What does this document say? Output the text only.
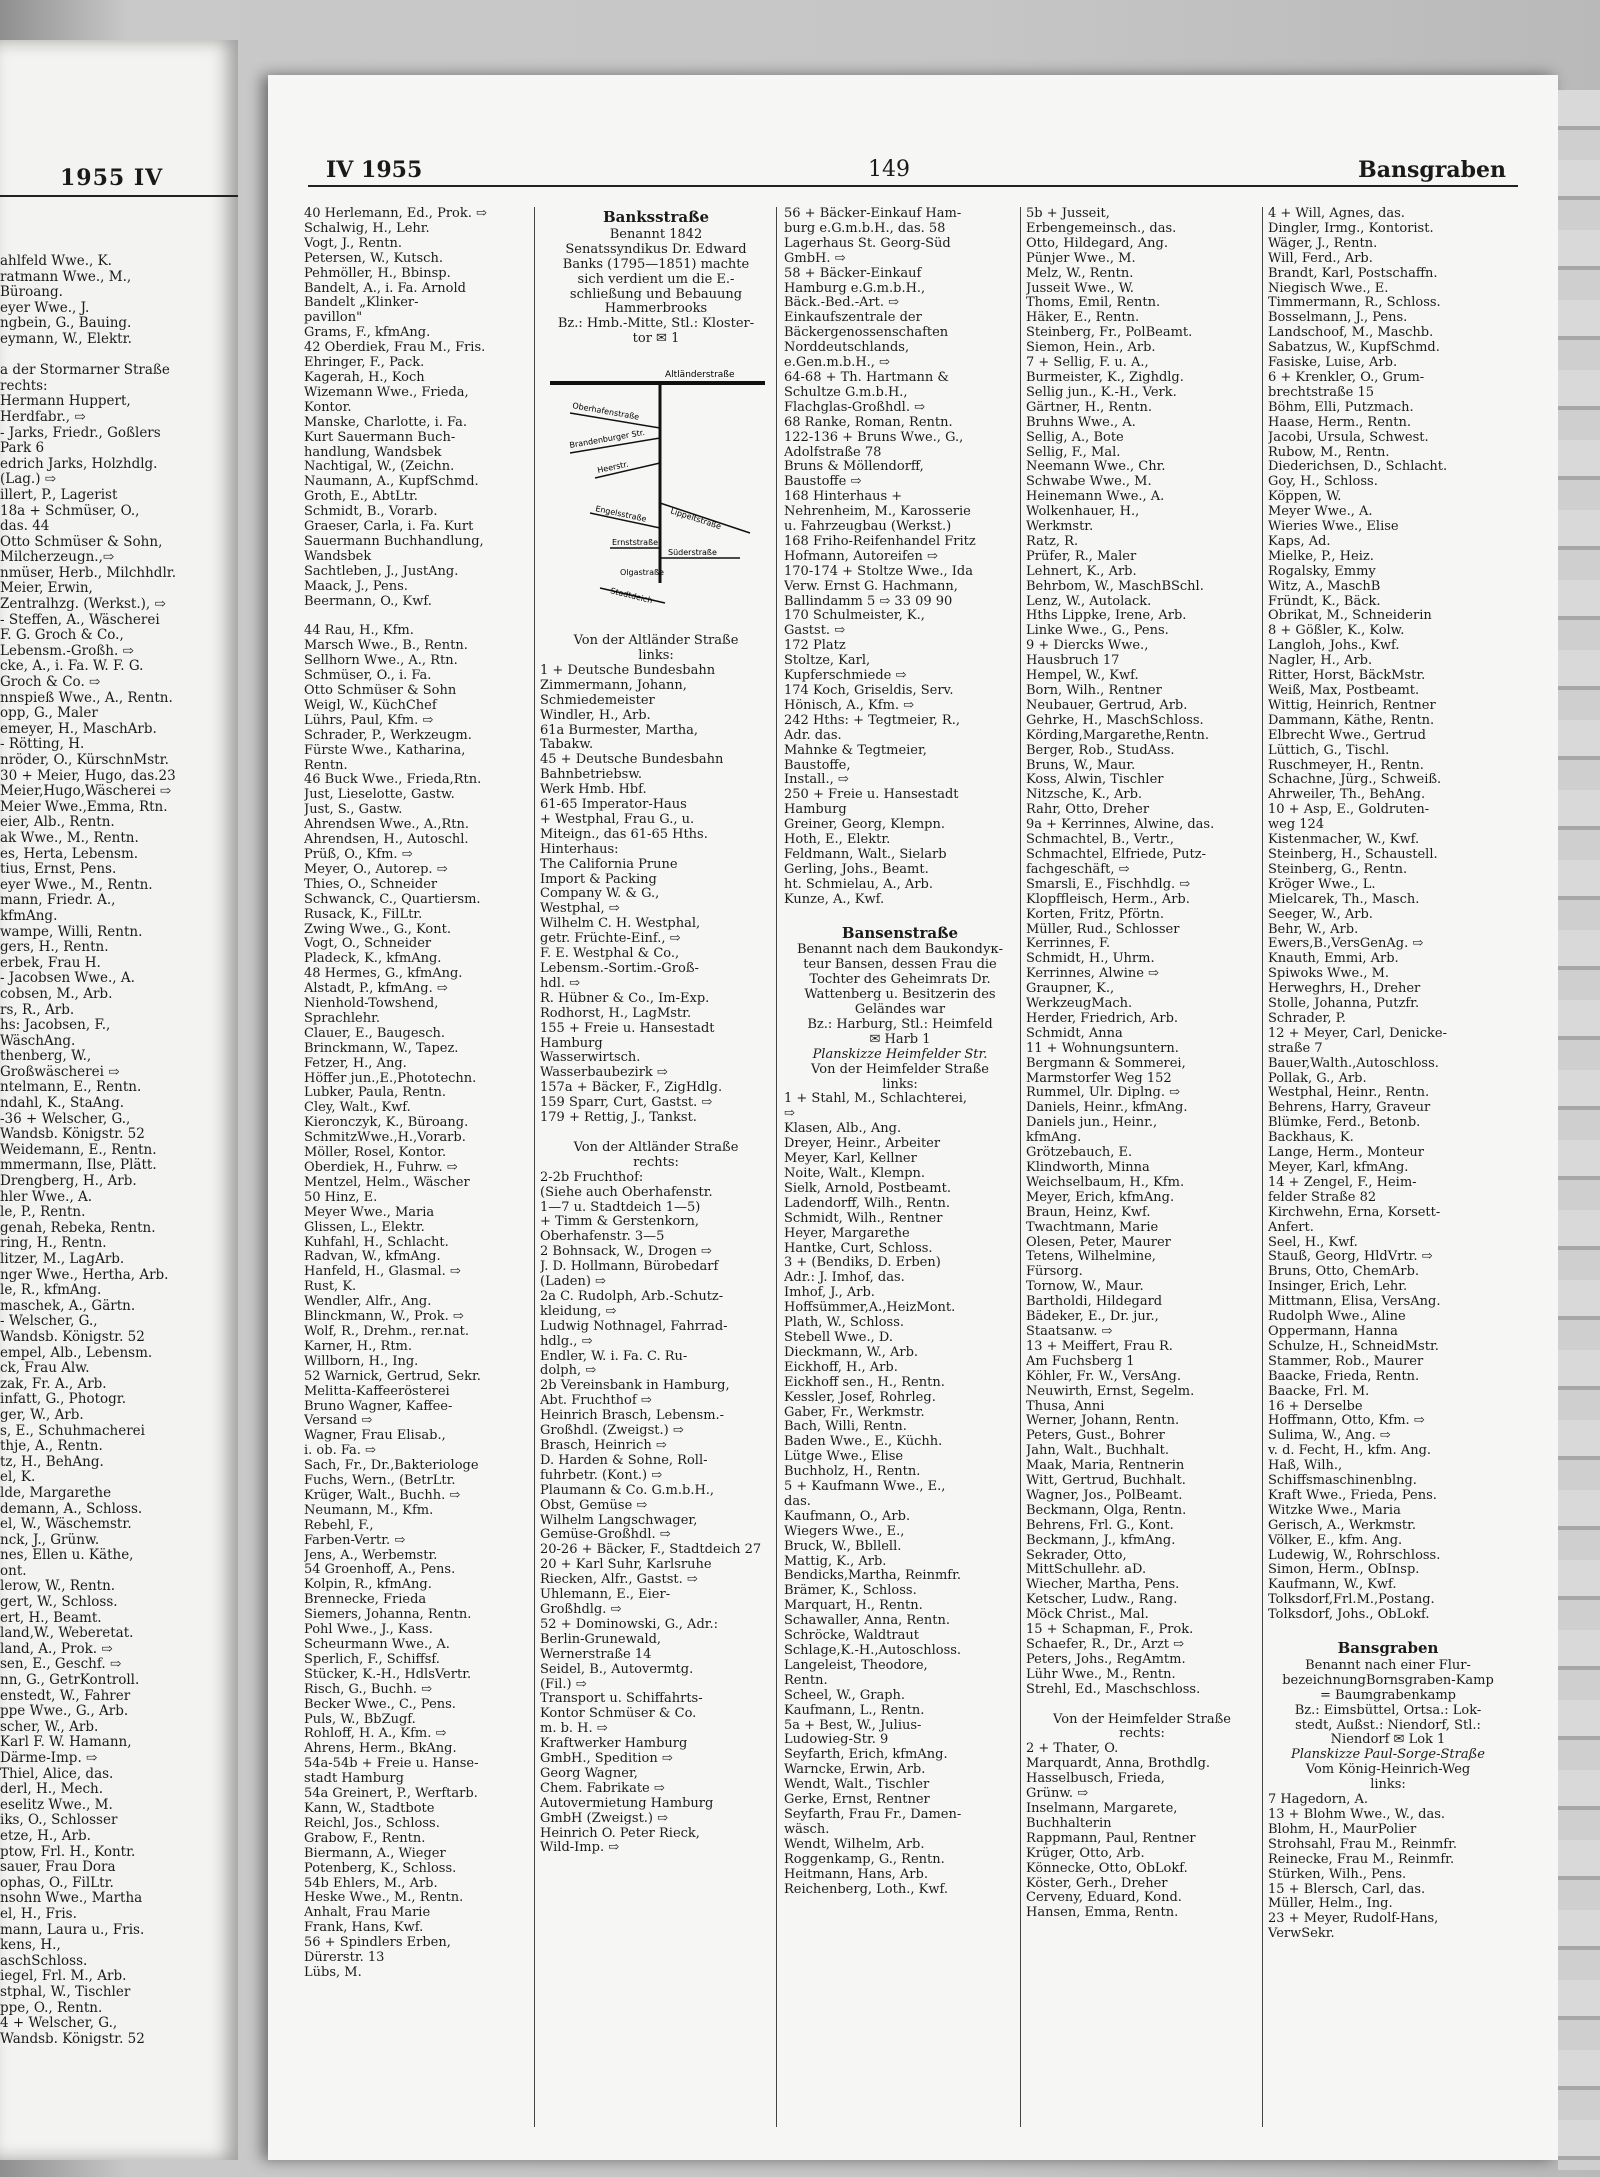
1955 IV
ahlfeld Wwe., K.
ratmann Wwe., M.,
Büroang.
eyer Wwe., J.
ngbein, G., Bauing.
eymann, W., Elektr.

a der Stormarner Straße
rechts:
Hermann Huppert,
Herdfabr., ⇨
- Jarks, Friedr., Goßlers
Park 6
edrich Jarks, Holzhdlg.
(Lag.) ⇨
illert, P., Lagerist
18a + Schmüser, O.,
das. 44
Otto Schmüser & Sohn,
Milcherzeugn.,⇨
nmüser, Herb., Milchhdlr.
Meier, Erwin,
Zentralhzg. (Werkst.), ⇨
- Steffen, A., Wäscherei
F. G. Groch & Co.,
Lebensm.-Großh. ⇨
cke, A., i. Fa. W. F. G.
Groch & Co. ⇨
nnspieß Wwe., A., Rentn.
opp, G., Maler
emeyer, H., MaschArb.
- Rötting, H.
nröder, O., KürschnMstr.
30 + Meier, Hugo, das.23
Meier,Hugo,Wäscherei ⇨
Meier Wwe.,Emma, Rtn.
eier, Alb., Rentn.
ak Wwe., M., Rentn.
es, Herta, Lebensm.
tius, Ernst, Pens.
eyer Wwe., M., Rentn.
mann, Friedr. A.,
kfmAng.
wampe, Willi, Rentn.
gers, H., Rentn.
erbek, Frau H.
- Jacobsen Wwe., A.
cobsen, M., Arb.
rs, R., Arb.
hs: Jacobsen, F.,
WäschAng.
thenberg, W.,
Großwäscherei ⇨
ntelmann, E., Rentn.
ndahl, K., StaAng.
-36 + Welscher, G.,
Wandsb. Königstr. 52
Weidemann, E., Rentn.
mmermann, Ilse, Plätt.
Drengberg, H., Arb.
hler Wwe., A.
le, P., Rentn.
genah, Rebeka, Rentn.
ring, H., Rentn.
litzer, M., LagArb.
nger Wwe., Hertha, Arb.
le, R., kfmAng.
maschek, A., Gärtn.
- Welscher, G.,
Wandsb. Königstr. 52
empel, Alb., Lebensm.
ck, Frau Alw.
zak, Fr. A., Arb.
infatt, G., Photogr.
ger, W., Arb.
s, E., Schuhmacherei
thje, A., Rentn.
tz, H., BehAng.
el, K.
lde, Margarethe
demann, A., Schloss.
el, W., Wäschemstr.
nck, J., Grünw.
nes, Ellen u. Käthe,
ont.
lerow, W., Rentn.
gert, W., Schloss.
ert, H., Beamt.
land,W., Weberetat.
land, A., Prok. ⇨
sen, E., Geschf. ⇨
nn, G., GetrKontroll.
enstedt, W., Fahrer
ppe Wwe., G., Arb.
scher, W., Arb.
Karl F. W. Hamann,
Därme-Imp. ⇨
Thiel, Alice, das.
derl, H., Mech.
eselitz Wwe., M.
iks, O., Schlosser
etze, H., Arb.
ptow, Frl. H., Kontr.
sauer, Frau Dora
ophas, O., FilLtr.
nsohn Wwe., Martha
el, H., Fris.
mann, Laura u., Fris.
kens, H.,
aschSchloss.
iegel, Frl. M., Arb.
stphal, W., Tischler
ppe, O., Rentn.
4 + Welscher, G.,
Wandsb. Königstr. 52
IV 1955	149	Bansgraben
40 Herlemann, Ed., Prok. ⇨
Schalwig, H., Lehr.
Vogt, J., Rentn.
Petersen, W., Kutsch.
Pehmöller, H., Bbinsp.
Bandelt, A., i. Fa. Arnold
Bandelt „Klinker-
pavillon"
Grams, F., kfmAng.
42 Oberdiek, Frau M., Fris.
Ehringer, F., Pack.
Kagerah, H., Koch
Wizemann Wwe., Frieda,
Kontor.
Manske, Charlotte, i. Fa.
Kurt Sauermann Buch-
handlung, Wandsbek
Nachtigal, W., (Zeichn.
Naumann, A., KupfSchmd.
Groth, E., AbtLtr.
Schmidt, B., Vorarb.
Graeser, Carla, i. Fa. Kurt
Sauermann Buchhandlung,
Wandsbek
Sachtleben, J., JustAng.
Maack, J., Pens.
Beermann, O., Kwf.

44 Rau, H., Kfm.
Marsch Wwe., B., Rentn.
Sellhorn Wwe., A., Rtn.
Schmüser, O., i. Fa.
Otto Schmüser & Sohn
Weigl, W., KüchChef
Lührs, Paul, Kfm. ⇨
Schrader, P., Werkzeugm.
Fürste Wwe., Katharina,
Rentn.
46 Buck Wwe., Frieda,Rtn.
Just, Lieselotte, Gastw.
Just, S., Gastw.
Ahrendsen Wwe., A.,Rtn.
Ahrendsen, H., Autoschl.
Prüß, O., Kfm. ⇨
Meyer, O., Autorep. ⇨
Thies, O., Schneider
Schwanck, C., Quartiersm.
Rusack, K., FilLtr.
Zwing Wwe., G., Kont.
Vogt, O., Schneider
Pladeck, K., kfmAng.
48 Hermes, G., kfmAng.
Alstadt, P., kfmAng. ⇨
Nienhold-Towshend,
Sprachlehr.
Clauer, E., Baugesch.
Brinckmann, W., Tapez.
Fetzer, H., Ang.
Höffer jun.,E.,Phototechn.
Lubker, Paula, Rentn.
Cley, Walt., Kwf.
Kieronczyk, K., Büroang.
SchmitzWwe.,H.,Vorarb.
Möller, Rosel, Kontor.
Oberdiek, H., Fuhrw. ⇨
Mentzel, Helm., Wäscher
50 Hinz, E.
Meyer Wwe., Maria
Glissen, L., Elektr.
Kuhfahl, H., Schlacht.
Radvan, W., kfmAng.
Hanfeld, H., Glasmal. ⇨
Rust, K.
Wendler, Alfr., Ang.
Blinckmann, W., Prok. ⇨
Wolf, R., Drehm., rer.nat.
Karner, H., Rtm.
Willborn, H., Ing.
52 Warnick, Gertrud, Sekr.
Melitta-Kaffeerösterei
Bruno Wagner, Kaffee-
Versand ⇨
Wagner, Frau Elisab.,
i. ob. Fa. ⇨
Sach, Fr., Dr.,Bakteriologe
Fuchs, Wern., (BetrLtr.
Krüger, Walt., Buchh. ⇨
Neumann, M., Kfm.
Rebehl, F.,
Farben-Vertr. ⇨
Jens, A., Werbemstr.
54 Groenhoff, A., Pens.
Kolpin, R., kfmAng.
Brennecke, Frieda
Siemers, Johanna, Rentn.
Pohl Wwe., J., Kass.
Scheurmann Wwe., A.
Sperlich, F., Schiffsf.
Stücker, K.-H., HdlsVertr.
Risch, G., Buchh. ⇨
Becker Wwe., C., Pens.
Puls, W., BbZugf.
Rohloff, H. A., Kfm. ⇨
Ahrens, Herm., BkAng.
54a-54b + Freie u. Hanse-
stadt Hamburg
54a Greinert, P., Werftarb.
Kann, W., Stadtbote
Reichl, Jos., Schloss.
Grabow, F., Rentn.
Biermann, A., Wieger
Potenberg, K., Schloss.
54b Ehlers, M., Arb.
Heske Wwe., M., Rentn.
Anhalt, Frau Marie
Frank, Hans, Kwf.
56 + Spindlers Erben,
Dürerstr. 13
Lübs, M.
Banksstraße
Benannt 1842
Senatssyndikus Dr. Edward
Banks (1795—1851) machte
sich verdient um die E.-
schließung und Bebauung
Hammerbrooks
Bz.: Hmb.-Mitte, Stl.: Kloster-
tor ✉ 1
Altländerstraße
Oberhafenstraße
Brandenburger Str.
Heerstr.
Engelsstraße	Lippeltstraße
Ernststraße
Olgastraße
Süderstraße
Stadtdeich
Von der Altländer Straße
links:
1 + Deutsche Bundesbahn
Zimmermann, Johann,
Schmiedemeister
Windler, H., Arb.
61a Burmester, Martha,
Tabakw.
45 + Deutsche Bundesbahn
Bahnbetriebsw.
Werk Hmb. Hbf.
61-65 Imperator-Haus
+ Westphal, Frau G., u.
Miteign., das 61-65 Hths.
Hinterhaus:
The California Prune
Import & Packing
Company W. & G.,
Westphal, ⇨
Wilhelm C. H. Westphal,
getr. Früchte-Einf., ⇨
F. E. Westphal & Co.,
Lebensm.-Sortim.-Groß-
hdl. ⇨
R. Hübner & Co., Im-Exp.
Rodhorst, H., LagMstr.
155 + Freie u. Hansestadt
Hamburg
Wasserwirtsch.
Wasserbaubezirk ⇨
157a + Bäcker, F., ZigHdlg.
159 Sparr, Curt, Gastst. ⇨
179 + Rettig, J., Tankst.

Von der Altländer Straße
rechts:
2-2b Fruchthof:
(Siehe auch Oberhafenstr.
1—7 u. Stadtdeich 1—5)
+ Timm & Gerstenkorn,
Oberhafenstr. 3—5
2 Bohnsack, W., Drogen ⇨
J. D. Hollmann, Bürobedarf
(Laden) ⇨
2a C. Rudolph, Arb.-Schutz-
kleidung, ⇨
Ludwig Nothnagel, Fahrrad-
hdlg., ⇨
Endler, W. i. Fa. C. Ru-
dolph, ⇨
2b Vereinsbank in Hamburg,
Abt. Fruchthof ⇨
Heinrich Brasch, Lebensm.-
Großhdl. (Zweigst.) ⇨
Brasch, Heinrich ⇨
D. Harden & Sohne, Roll-
fuhrbetr. (Kont.) ⇨
Plaumann & Co. G.m.b.H.,
Obst, Gemüse ⇨
Wilhelm Langschwager,
Gemüse-Großhdl. ⇨
20-26 + Bäcker, F., Stadtdeich 27
20 + Karl Suhr, Karlsruhe
Riecken, Alfr., Gastst. ⇨
Uhlemann, E., Eier-
Großhdlg. ⇨
52 + Dominowski, G., Adr.:
Berlin-Grunewald,
Wernerstraße 14
Seidel, B., Autovermtg.
(Fil.) ⇨
Transport u. Schiffahrts-
Kontor Schmüser & Co.
m. b. H. ⇨
Kraftwerker Hamburg
GmbH., Spedition ⇨
Georg Wagner,
Chem. Fabrikate ⇨
Autovermietung Hamburg
GmbH (Zweigst.) ⇨
Heinrich O. Peter Rieck,
Wild-Imp. ⇨
56 + Bäcker-Einkauf Ham-
burg e.G.m.b.H., das. 58
Lagerhaus St. Georg-Süd
GmbH. ⇨
58 + Bäcker-Einkauf
Hamburg e.G.m.b.H.,
Bäck.-Bed.-Art. ⇨
Einkaufszentrale der
Bäckergenossenschaften
Norddeutschlands,
e.Gen.m.b.H., ⇨
64-68 + Th. Hartmann &
Schultze G.m.b.H.,
Flachglas-Großhdl. ⇨
68 Ranke, Roman, Rentn.
122-136 + Bruns Wwe., G.,
Adolfstraße 78
Bruns & Möllendorff,
Baustoffe ⇨
168 Hinterhaus +
Nehrenheim, M., Karosserie
u. Fahrzeugbau (Werkst.)
168 Friho-Reifenhandel Fritz
Hofmann, Autoreifen ⇨
170-174 + Stoltze Wwe., Ida
Verw. Ernst G. Hachmann,
Ballindamm 5 ⇨ 33 09 90
170 Schulmeister, K.,
Gastst. ⇨
172 Platz
Stoltze, Karl,
Kupferschmiede ⇨
174 Koch, Griseldis, Serv.
Hönisch, A., Kfm. ⇨
242 Hths: + Tegtmeier, R.,
Adr. das.
Mahnke & Tegtmeier,
Baustoffe,
Install., ⇨
250 + Freie u. Hansestadt
Hamburg
Greiner, Georg, Klempn.
Hoth, E., Elektr.
Feldmann, Walt., Sielarb
Gerling, Johs., Beamt.
ht. Schmielau, A., Arb.
Kunze, A., Kwf.

Bansenstraße
Benannt nach dem Baukondук-
teur Bansen, dessen Frau die
Tochter des Geheimrats Dr.
Wattenberg u. Besitzerin des
Geländes war
Bz.: Harburg, Stl.: Heimfeld
✉ Harb 1
Planskizze Heimfelder Str.
Von der Heimfelder Straße
links:
1 + Stahl, M., Schlachterei,
⇨
Klasen, Alb., Ang.
Dreyer, Heinr., Arbeiter
Meyer, Karl, Kellner
Noite, Walt., Klempn.
Sielk, Arnold, Postbeamt.
Ladendorff, Wilh., Rentn.
Schmidt, Wilh., Rentner
Heyer, Margarethe
Hantke, Curt, Schloss.
3 + (Bendiks, D. Erben)
Adr.: J. Imhof, das.
Imhof, J., Arb.
Hoffsümmer,A.,HeizMont.
Plath, W., Schloss.
Stebell Wwe., D.
Dieckmann, W., Arb.
Eickhoff, H., Arb.
Eickhoff sen., H., Rentn.
Kessler, Josef, Rohrleg.
Gaber, Fr., Werkmstr.
Bach, Willi, Rentn.
Baden Wwe., E., Küchh.
Lütge Wwe., Elise
Buchholz, H., Rentn.
5 + Kaufmann Wwe., E.,
das.
Kaufmann, O., Arb.
Wiegers Wwe., E.,
Bruck, W., Bbllell.
Mattig, K., Arb.
Bendicks,Martha, Reinmfr.
Brämer, K., Schloss.
Marquart, H., Rentn.
Schawaller, Anna, Rentn.
Schröcke, Waldtraut
Schlage,K.-H.,Autoschloss.
Langeleist, Theodore,
Rentn.
Scheel, W., Graph.
Kaufmann, L., Rentn.
5a + Best, W., Julius-
Ludowieg-Str. 9
Seyfarth, Erich, kfmAng.
Warncke, Erwin, Arb.
Wendt, Walt., Tischler
Gerke, Ernst, Rentner
Seyfarth, Frau Fr., Damen-
wäsch.
Wendt, Wilhelm, Arb.
Roggenkamp, G., Rentn.
Heitmann, Hans, Arb.
Reichenberg, Loth., Kwf.
5b + Jusseit,
Erbengemeinsch., das.
Otto, Hildegard, Ang.
Pünjer Wwe., M.
Melz, W., Rentn.
Jusseit Wwe., W.
Thoms, Emil, Rentn.
Häker, E., Rentn.
Steinberg, Fr., PolBeamt.
Siemon, Hein., Arb.
7 + Sellig, F. u. A.,
Burmeister, K., Zighdlg.
Sellig jun., K.-H., Verk.
Gärtner, H., Rentn.
Bruhns Wwe., A.
Sellig, A., Bote
Sellig, F., Mal.
Neemann Wwe., Chr.
Schwabe Wwe., M.
Heinemann Wwe., A.
Wolkenhauer, H.,
Werkmstr.
Ratz, R.
Prüfer, R., Maler
Lehnert, K., Arb.
Behrbom, W., MaschBSchl.
Lenz, W., Autolack.
Hths Lippke, Irene, Arb.
Linke Wwe., G., Pens.
9 + Diercks Wwe.,
Hausbruch 17
Hempel, W., Kwf.
Born, Wilh., Rentner
Neubauer, Gertrud, Arb.
Gehrke, H., MaschSchloss.
Körding,Margarethe,Rentn.
Berger, Rob., StudAss.
Bruns, W., Maur.
Koss, Alwin, Tischler
Nitzsche, K., Arb.
Rahr, Otto, Dreher
9a + Kerrinnes, Alwine, das.
Schmachtel, B., Vertr.,
Schmachtel, Elfriede, Putz-
fachgeschäft, ⇨
Smarsli, E., Fischhdlg. ⇨
Klopffleisch, Herm., Arb.
Korten, Fritz, Pförtn.
Müller, Rud., Schlosser
Kerrinnes, F.
Schmidt, H., Uhrm.
Kerrinnes, Alwine ⇨
Graupner, K.,
WerkzeugMach.
Herder, Friedrich, Arb.
Schmidt, Anna
11 + Wohnungsuntern.
Bergmann & Sommerei,
Marmstorfer Weg 152
Rummel, Ulr. Diplng. ⇨
Daniels, Heinr., kfmAng.
Daniels jun., Heinr.,
kfmAng.
Grötzebauch, E.
Klindworth, Minna
Weichselbaum, H., Kfm.
Meyer, Erich, kfmAng.
Braun, Heinz, Kwf.
Twachtmann, Marie
Olesen, Peter, Maurer
Tetens, Wilhelmine,
Fürsorg.
Tornow, W., Maur.
Bartholdi, Hildegard
Bädeker, E., Dr. jur.,
Staatsanw. ⇨
13 + Meiffert, Frau R.
Am Fuchsberg 1
Köhler, Fr. W., VersAng.
Neuwirth, Ernst, Segelm.
Thusa, Anni
Werner, Johann, Rentn.
Peters, Gust., Bohrer
Jahn, Walt., Buchhalt.
Maak, Maria, Rentnerin
Witt, Gertrud, Buchhalt.
Wagner, Jos., PolBeamt.
Beckmann, Olga, Rentn.
Behrens, Frl. G., Kont.
Beckmann, J., kfmAng.
Sekrader, Otto,
MittSchullehr. aD.
Wiecher, Martha, Pens.
Ketscher, Ludw., Rang.
Möck Christ., Mal.
15 + Schapman, F., Prok.
Schaefer, R., Dr., Arzt ⇨
Peters, Johs., RegAmtm.
Lühr Wwe., M., Rentn.
Strehl, Ed., Maschschloss.

Von der Heimfelder Straße
rechts:
2 + Thater, O.
Marquardt, Anna, Brothdlg.
Hasselbusch, Frieda,
Grünw. ⇨
Inselmann, Margarete,
Buchhalterin
Rappmann, Paul, Rentner
Krüger, Otto, Arb.
Könnecke, Otto, ObLokf.
Köster, Gerh., Dreher
Cerveny, Eduard, Kond.
Hansen, Emma, Rentn.
4 + Will, Agnes, das.
Dingler, Irmg., Kontorist.
Wäger, J., Rentn.
Will, Ferd., Arb.
Brandt, Karl, Postschaffn.
Niegisch Wwe., E.
Timmermann, R., Schloss.
Bosselmann, J., Pens.
Landschoof, M., Maschb.
Sabatzus, W., KupfSchmd.
Fasiske, Luise, Arb.
6 + Krenkler, O., Grum-
brechtstraße 15
Böhm, Elli, Putzmach.
Haase, Herm., Rentn.
Jacobi, Ursula, Schwest.
Rubow, M., Rentn.
Diederichsen, D., Schlacht.
Goy, H., Schloss.
Köppen, W.
Meyer Wwe., A.
Wieries Wwe., Elise
Kaps, Ad.
Mielke, P., Heiz.
Rogalsky, Emmy
Witz, A., MaschB
Fründt, K., Bäck.
Obrikat, M., Schneiderin
8 + Gößler, K., Kolw.
Langloh, Johs., Kwf.
Nagler, H., Arb.
Ritter, Horst, BäckMstr.
Weiß, Max, Postbeamt.
Wittig, Heinrich, Rentner
Dammann, Käthe, Rentn.
Elbrecht Wwe., Gertrud
Lüttich, G., Tischl.
Ruschmeyer, H., Rentn.
Schachne, Jürg., Schweiß.
Ahrweiler, Th., BehAng.
10 + Asp, E., Goldruten-
weg 124
Kistenmacher, W., Kwf.
Steinberg, H., Schaustell.
Steinberg, G., Rentn.
Kröger Wwe., L.
Mielcarek, Th., Masch.
Seeger, W., Arb.
Behr, W., Arb.
Ewers,B.,VersGenAg. ⇨
Knauth, Emmi, Arb.
Spiwoks Wwe., M.
Herweghrs, H., Dreher
Stolle, Johanna, Putzfr.
Schrader, P.
12 + Meyer, Carl, Denicke-
straße 7
Bauer,Walth.,Autoschloss.
Pollak, G., Arb.
Westphal, Heinr., Rentn.
Behrens, Harry, Graveur
Blümke, Ferd., Betonb.
Backhaus, K.
Lange, Herm., Monteur
Meyer, Karl, kfmAng.
14 + Zengel, F., Heim-
felder Straße 82
Kirchwehn, Erna, Korsett-
Anfert.
Seel, H., Kwf.
Stauß, Georg, HldVrtr. ⇨
Bruns, Otto, ChemArb.
Insinger, Erich, Lehr.
Mittmann, Elisa, VersAng.
Rudolph Wwe., Aline
Oppermann, Hanna
Schulze, H., SchneidMstr.
Stammer, Rob., Maurer
Baacke, Frieda, Rentn.
Baacke, Frl. M.
16 + Derselbe
Hoffmann, Otto, Kfm. ⇨
Sulima, W., Ang. ⇨
v. d. Fecht, H., kfm. Ang.
Haß, Wilh.,
Schiffsmaschinenblng.
Kraft Wwe., Frieda, Pens.
Witzke Wwe., Maria
Gerisch, A., Werkmstr.
Völker, E., kfm. Ang.
Ludewig, W., Rohrschloss.
Simon, Herm., ObInsp.
Kaufmann, W., Kwf.
Tolksdorf,Frl.M.,Postang.
Tolksdorf, Johs., ObLokf.

Bansgraben
Benannt nach einer Flur-
bezeichnungBornsgraben-Kamp
= Baumgrabenkamp
Bz.: Eimsbüttel, Ortsa.: Lok-
stedt, Außst.: Niendorf, Stl.:
Niendorf ✉ Lok 1
Planskizze Paul-Sorge-Straße
Vom König-Heinrich-Weg
links:
7 Hagedorn, A.
13 + Blohm Wwe., W., das.
Blohm, H., MaurPolier
Strohsahl, Frau M., Reinmfr.
Reinecke, Frau M., Reinmfr.
Stürken, Wilh., Pens.
15 + Blersch, Carl, das.
Müller, Helm., Ing.
23 + Meyer, Rudolf-Hans,
VerwSekr.
